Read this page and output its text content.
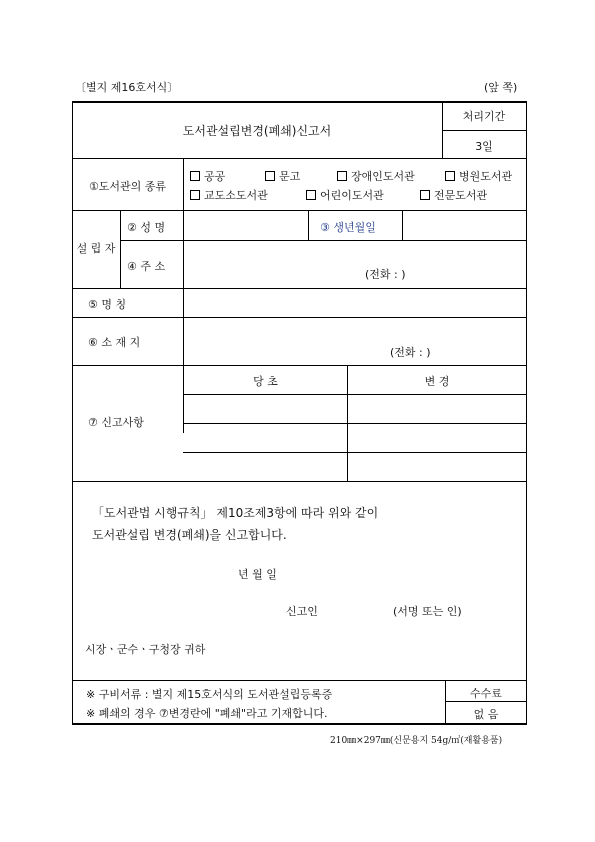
〔별지 제16호서식〕	(앞 쪽)
도서관설립변경(폐쇄)신고서
처리기간
3일
①도서관의 종류
공공	문고	장애인도서관	병원도서관
교도소도서관	어린이도서관	전문도서관
설 립 자
② 성 명	③ 생년월일
④ 주 소
(전화 : )
⑤ 명 칭
⑥ 소 재 지
(전화 : )
⑦ 신고사항
당 초	변 경
「도서관법 시행규칙」 제10조제3항에 따라 위와 같이
도서관설립 변경(폐쇄)을 신고합니다.
년 월 일
신고인	(서명 또는 인)
시장ㆍ군수ㆍ구청장 귀하
※ 구비서류 : 별지 제15호서식의 도서관설립등록증
※ 폐쇄의 경우 ⑦변경란에 "폐쇄"라고 기재합니다.
수수료
없 음
210㎜×297㎜(신문용지 54g/㎡(재활용품)
